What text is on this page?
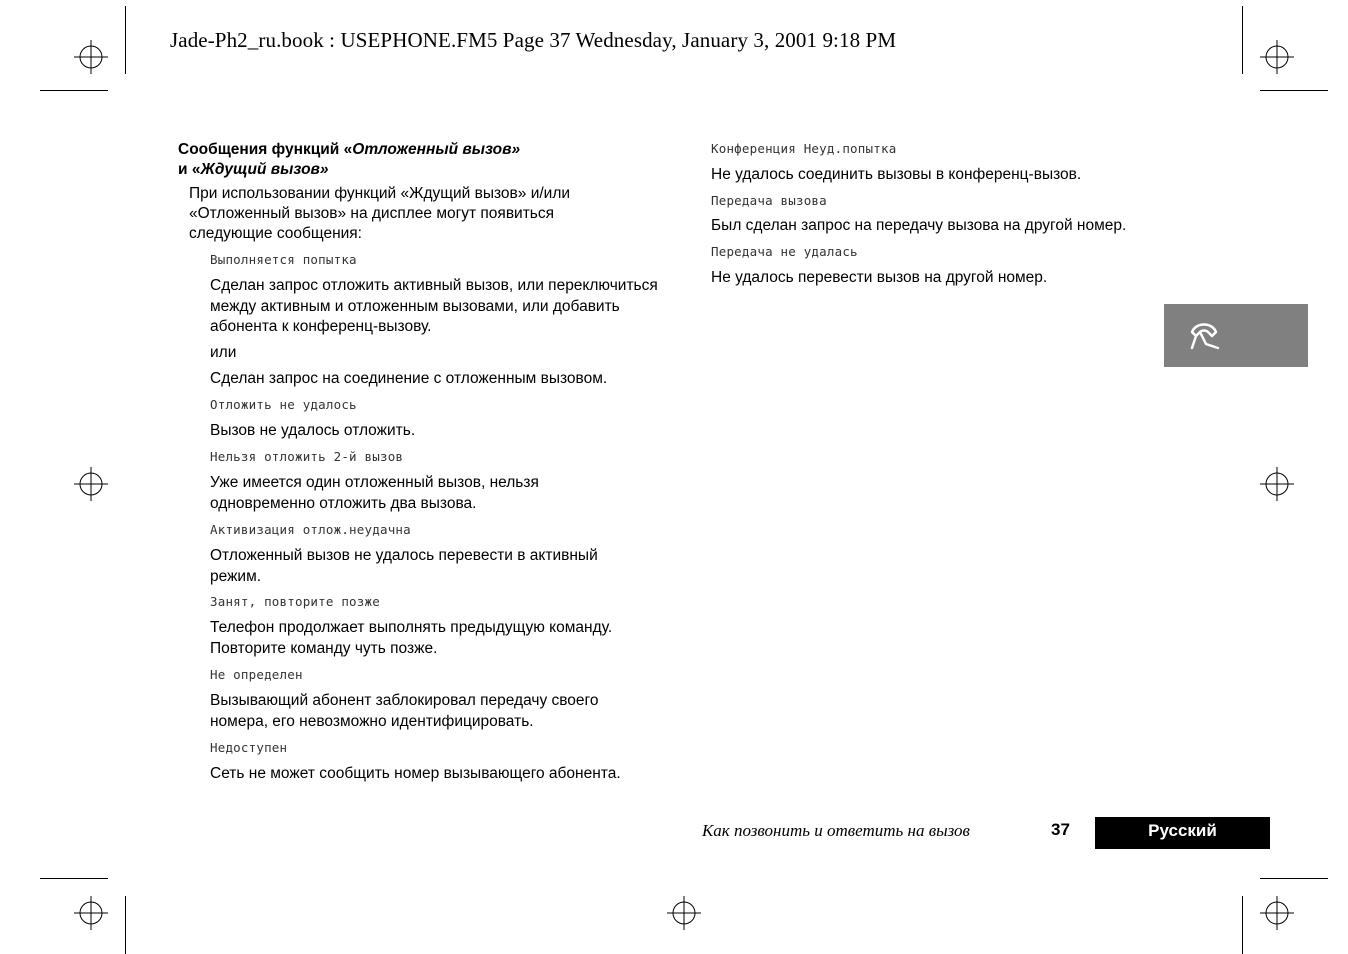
Jade-Ph2_ru.book : USEPHONE.FM5 Page 37 Wednesday, January 3, 2001 9:18 PM
Сообщения функций «Отложенный вызов»
и «Ждущий вызов»
При использовании функций «Ждущий вызов» и/или «Отложенный вызов» на дисплее могут появиться следующие сообщения:
Выполняется попытка
Сделан запрос отложить активный вызов, или переключиться между активным и отложенным вызовами, или добавить абонента к конференц-вызову.
или
Сделан запрос на соединение с отложенным вызовом.
Отложить не удалось
Вызов не удалось отложить.
Нельзя отложить 2-й вызов
Уже имеется один отложенный вызов, нельзя одновременно отложить два вызова.
Активизация отлож.неудачна
Отложенный вызов не удалось перевести в активный режим.
Занят, повторите позже
Телефон продолжает выполнять предыдущую команду. Повторите команду чуть позже.
Не определен
Вызывающий абонент заблокировал передачу своего номера, его невозможно идентифицировать.
Недоступен
Сеть не может сообщить номер вызывающего абонента.
Конференция Неуд.попытка
Не удалось соединить вызовы в конференц-вызов.
Передача вызова
Был сделан запрос на передачу вызова на другой номер.
Передача не удалась
Не удалось перевести вызов на другой номер.
Как позвонить и ответить на вызов	37	Русский
